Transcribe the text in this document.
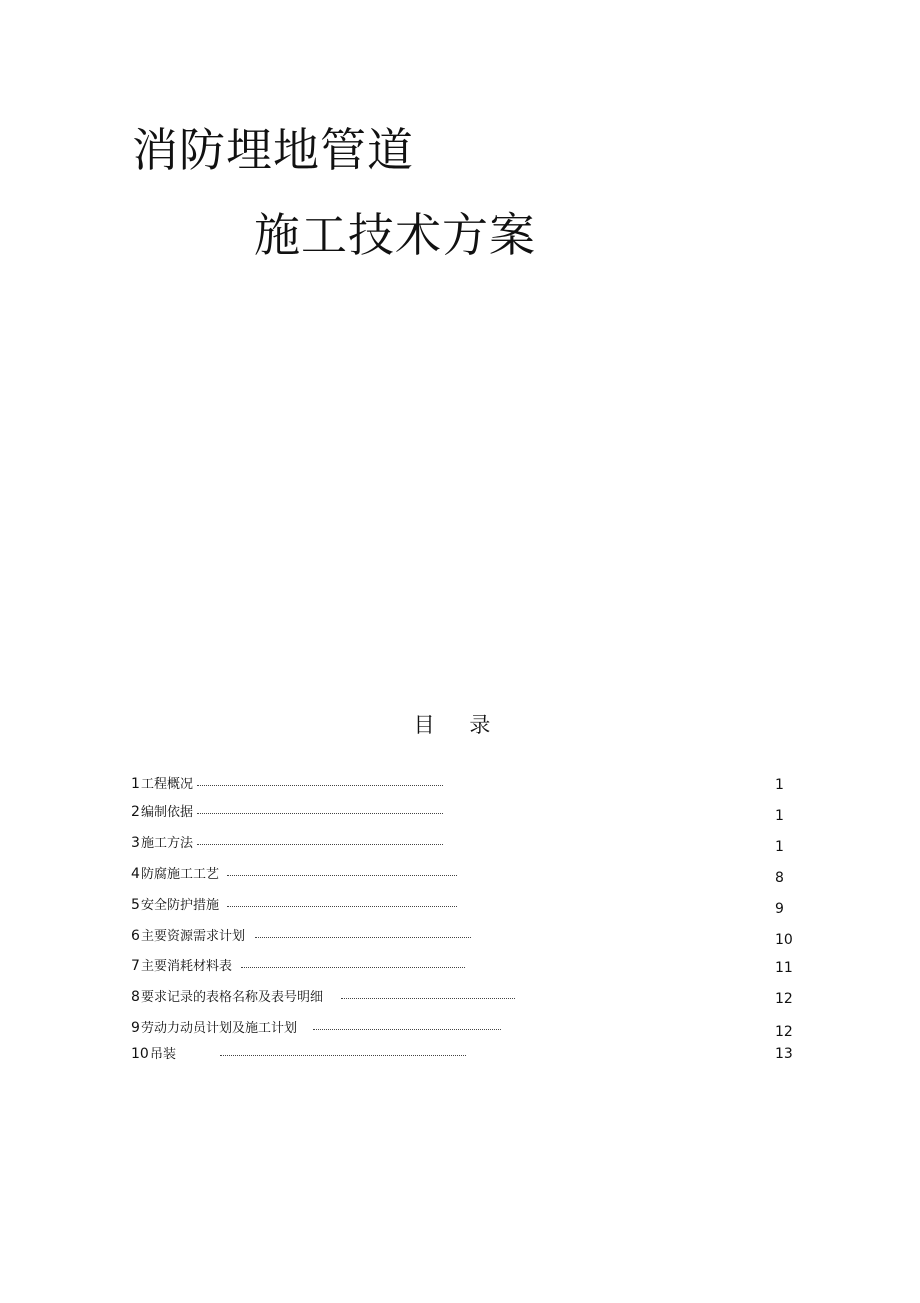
消防埋地管道
施工技术方案
目 录
1 工程概况	1
2 编制依据	1
3 施工方法	1
4 防腐施工工艺	8
5 安全防护措施	9
6 主要资源需求计划	10
7 主要消耗材料表	11
8 要求记录的表格名称及表号明细	12
9 劳动力动员计划及施工计划	12
10 吊装	13
